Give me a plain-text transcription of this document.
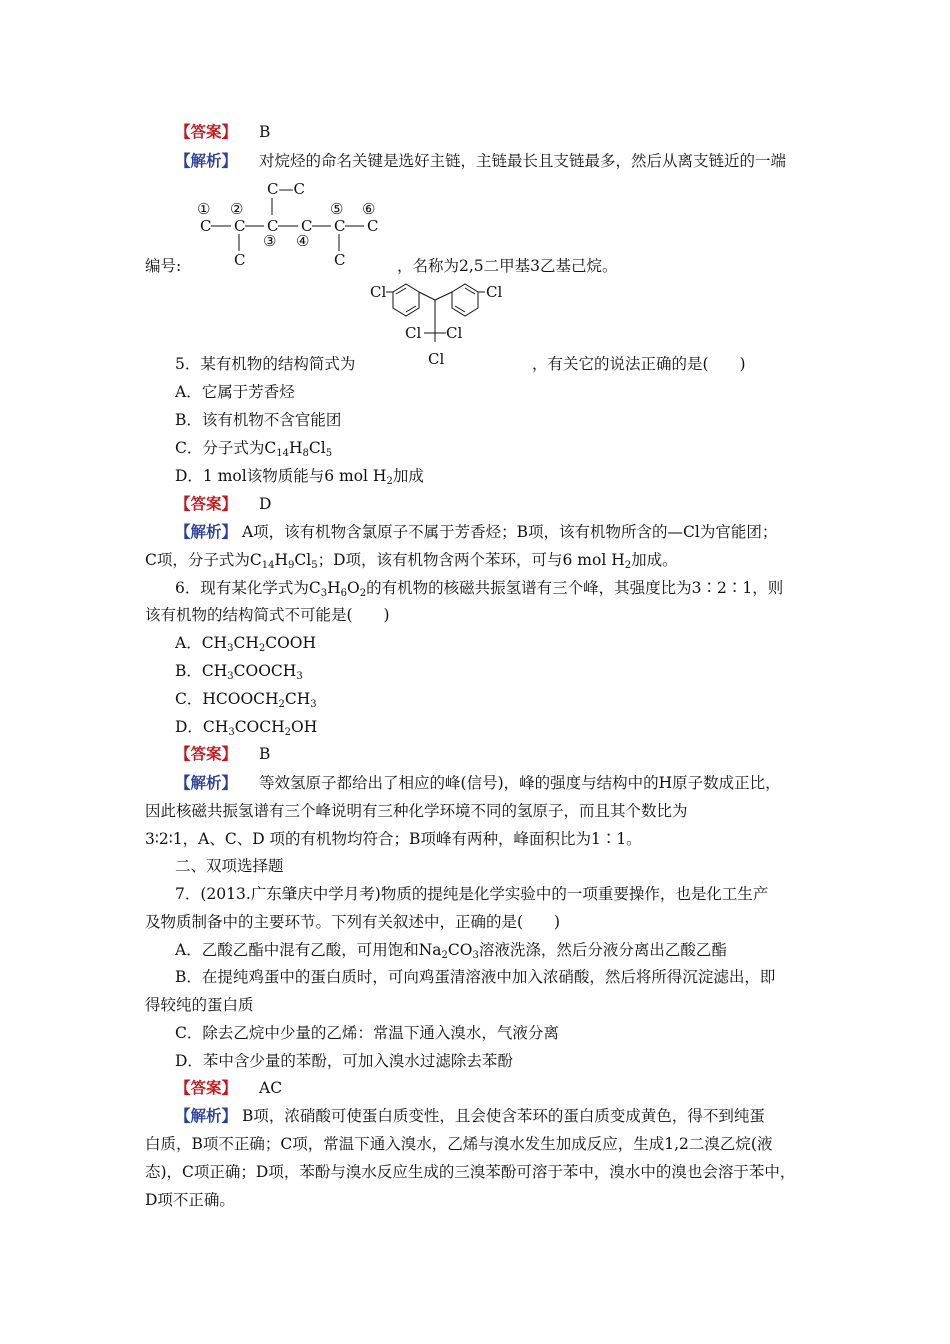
【答案】 B
【解析】 对烷烃的命名关键是选好主链，主链最长且支链最多，然后从离支链近的一端
C—C
① ②	⑤ ⑥
C C C C C C
③ ④
C	C
编号:	，名称为2,5二甲基3乙基己烷。
Cl	Cl
Cl Cl
Cl
5．某有机物的结构简式为	，有关它的说法正确的是(　　)
A．它属于芳香烃
B．该有机物不含官能团
C．分子式为$C_{14}H_8Cl_5$
D．1 mol该物质能与6 mol $H_2$加成
【答案】 D
【解析】 A项，该有机物含氯原子不属于芳香烃；B项，该有机物所含的—Cl为官能团；
C项，分子式为$C_{14}H_9Cl_5$；D项，该有机物含两个苯环，可与6 mol $H_2$加成。
6．现有某化学式为$C_3H_6O_2$的有机物的核磁共振氢谱有三个峰，其强度比为3∶2∶1，则
该有机物的结构简式不可能是(　　)
A．$CH_3CH_2COOH$
B．$CH_3COOCH_3$
C．$HCOOCH_2CH_3$
D．$CH_3COCH_2OH$
【答案】 B
【解析】 等效氢原子都给出了相应的峰(信号)，峰的强度与结构中的H原子数成正比，
因此核磁共振氢谱有三个峰说明有三种化学环境不同的氢原子，而且其个数比为
3∶2∶1，A、C、D 项的有机物均符合；B项峰有两种，峰面积比为1∶1。
二、双项选择题
7．(2013.广东肇庆中学月考)物质的提纯是化学实验中的一项重要操作，也是化工生产
及物质制备中的主要环节。下列有关叙述中，正确的是(　　)
A．乙酸乙酯中混有乙酸，可用饱和$Na_2CO_3$溶液洗涤，然后分液分离出乙酸乙酯
B．在提纯鸡蛋中的蛋白质时，可向鸡蛋清溶液中加入浓硝酸，然后将所得沉淀滤出，即
得较纯的蛋白质
C．除去乙烷中少量的乙烯：常温下通入溴水，气液分离
D．苯中含少量的苯酚，可加入溴水过滤除去苯酚
【答案】 AC
【解析】 B项，浓硝酸可使蛋白质变性，且会使含苯环的蛋白质变成黄色，得不到纯蛋
白质，B项不正确；C项，常温下通入溴水，乙烯与溴水发生加成反应，生成1,2二溴乙烷(液
态)，C项正确；D项，苯酚与溴水反应生成的三溴苯酚可溶于苯中，溴水中的溴也会溶于苯中，
D项不正确。
